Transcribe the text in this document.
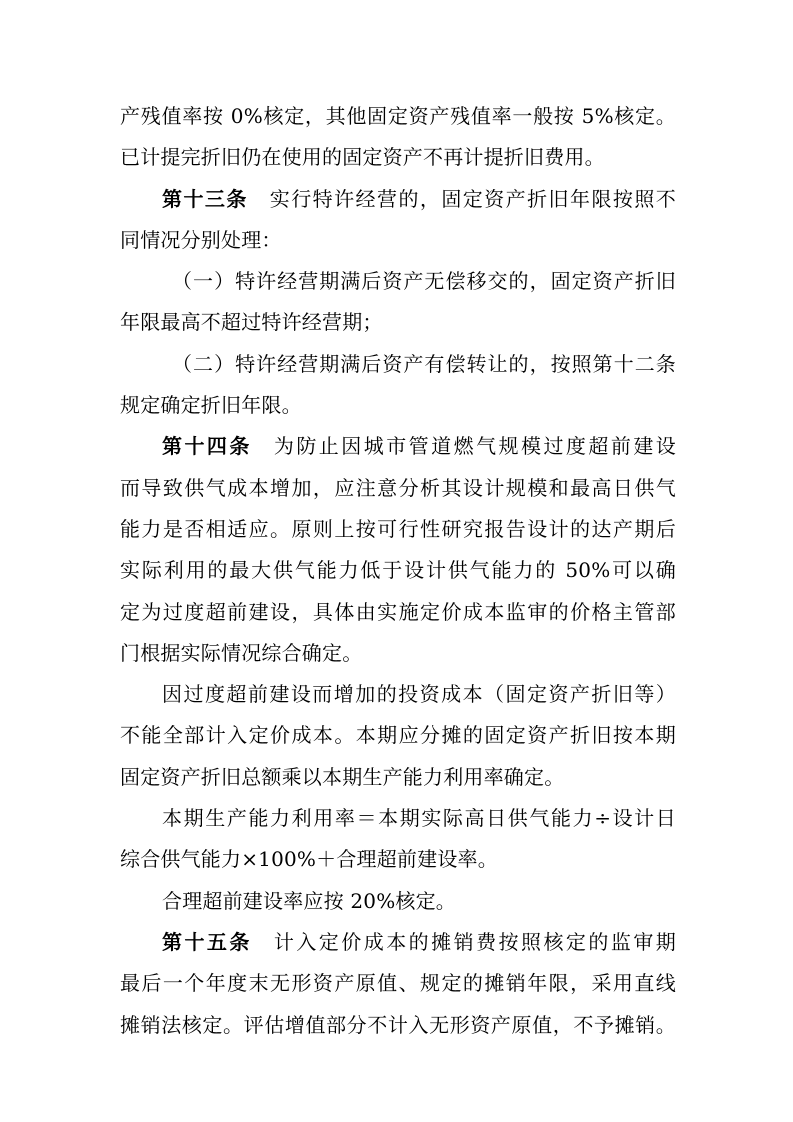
产残值率按 0%核定，其他固定资产残值率一般按 5%核定。
已计提完折旧仍在使用的固定资产不再计提折旧费用。
第十三条 实行特许经营的，固定资产折旧年限按照不
同情况分别处理：
（一）特许经营期满后资产无偿移交的，固定资产折旧
年限最高不超过特许经营期；
（二）特许经营期满后资产有偿转让的，按照第十二条
规定确定折旧年限。
第十四条 为防止因城市管道燃气规模过度超前建设
而导致供气成本增加，应注意分析其设计规模和最高日供气
能力是否相适应。原则上按可行性研究报告设计的达产期后
实际利用的最大供气能力低于设计供气能力的 50%可以确
定为过度超前建设，具体由实施定价成本监审的价格主管部
门根据实际情况综合确定。
因过度超前建设而增加的投资成本（固定资产折旧等）
不能全部计入定价成本。本期应分摊的固定资产折旧按本期
固定资产折旧总额乘以本期生产能力利用率确定。
本期生产能力利用率＝本期实际高日供气能力÷设计日
综合供气能力×100%＋合理超前建设率。
合理超前建设率应按 20%核定。
第十五条 计入定价成本的摊销费按照核定的监审期
最后一个年度末无形资产原值、规定的摊销年限，采用直线
摊销法核定。评估增值部分不计入无形资产原值，不予摊销。
